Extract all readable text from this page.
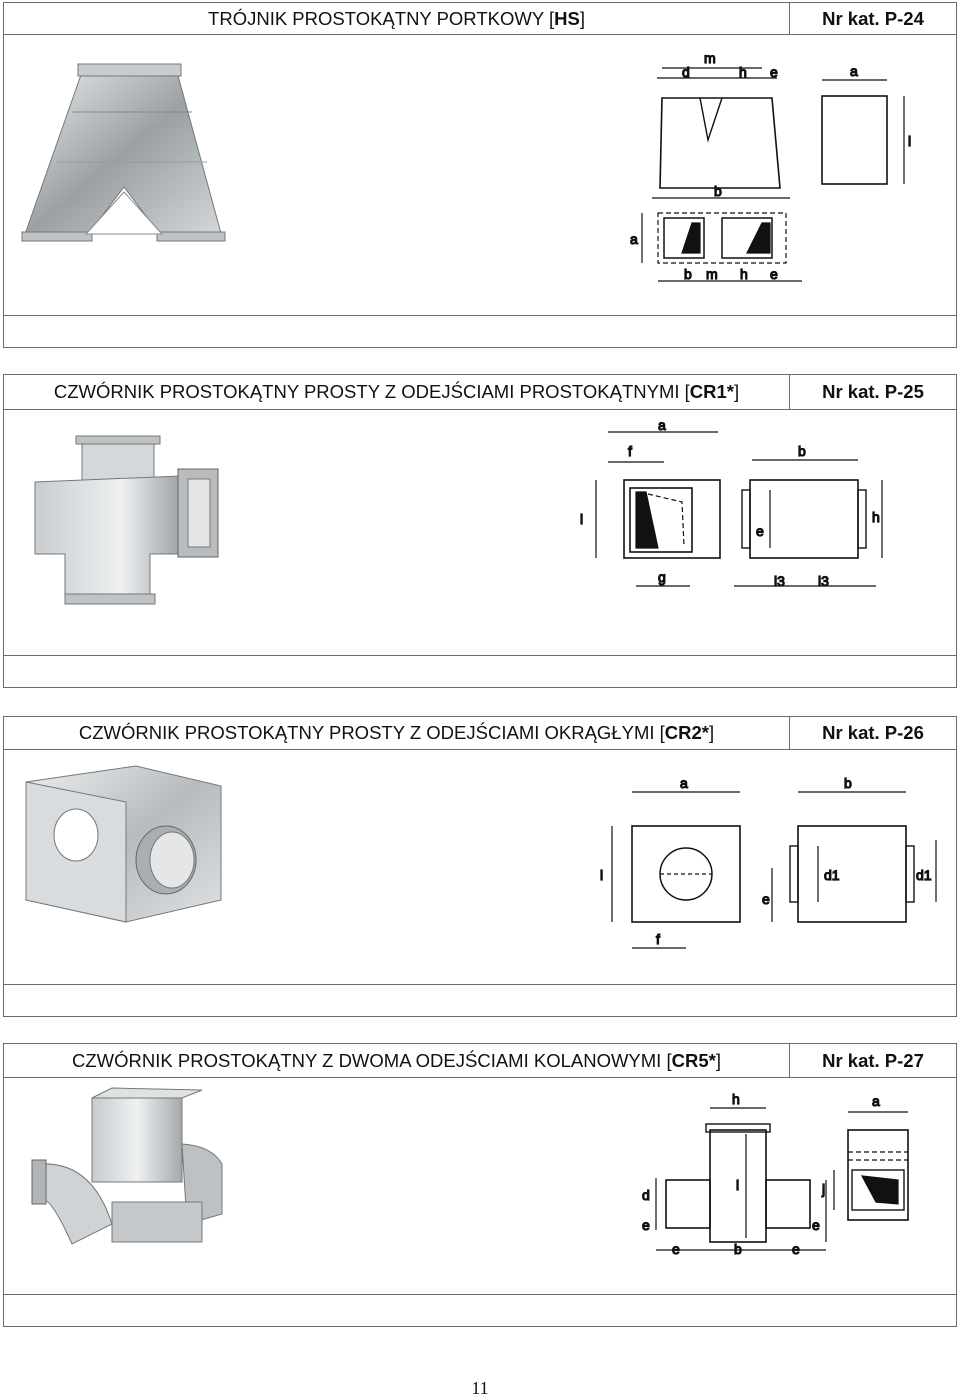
TRÓJNIK PROSTOKĄTNY PORTKOWY [ HS ]	Nr kat. P-24
m
d	h e
b
a
l
a
b m h e
CZWÓRNIK PROSTOKĄTNY PROSTY Z ODEJŚCIAMI PROSTOKĄTNYMI [ CR1* ]	Nr kat. P-25
a
f	b
l
e
h
g	l3 l3
CZWÓRNIK PROSTOKĄTNY PROSTY Z ODEJŚCIAMI OKRĄGŁYMI [ CR2* ]	Nr kat. P-26
a	b
l
e
d1	d1
f
CZWÓRNIK PROSTOKĄTNY Z DWOMA ODEJŚCIAMI KOLANOWYMI [ CR5* ]	Nr kat. P-27
h	a
l
d
e
e	b	e
e
j
11
